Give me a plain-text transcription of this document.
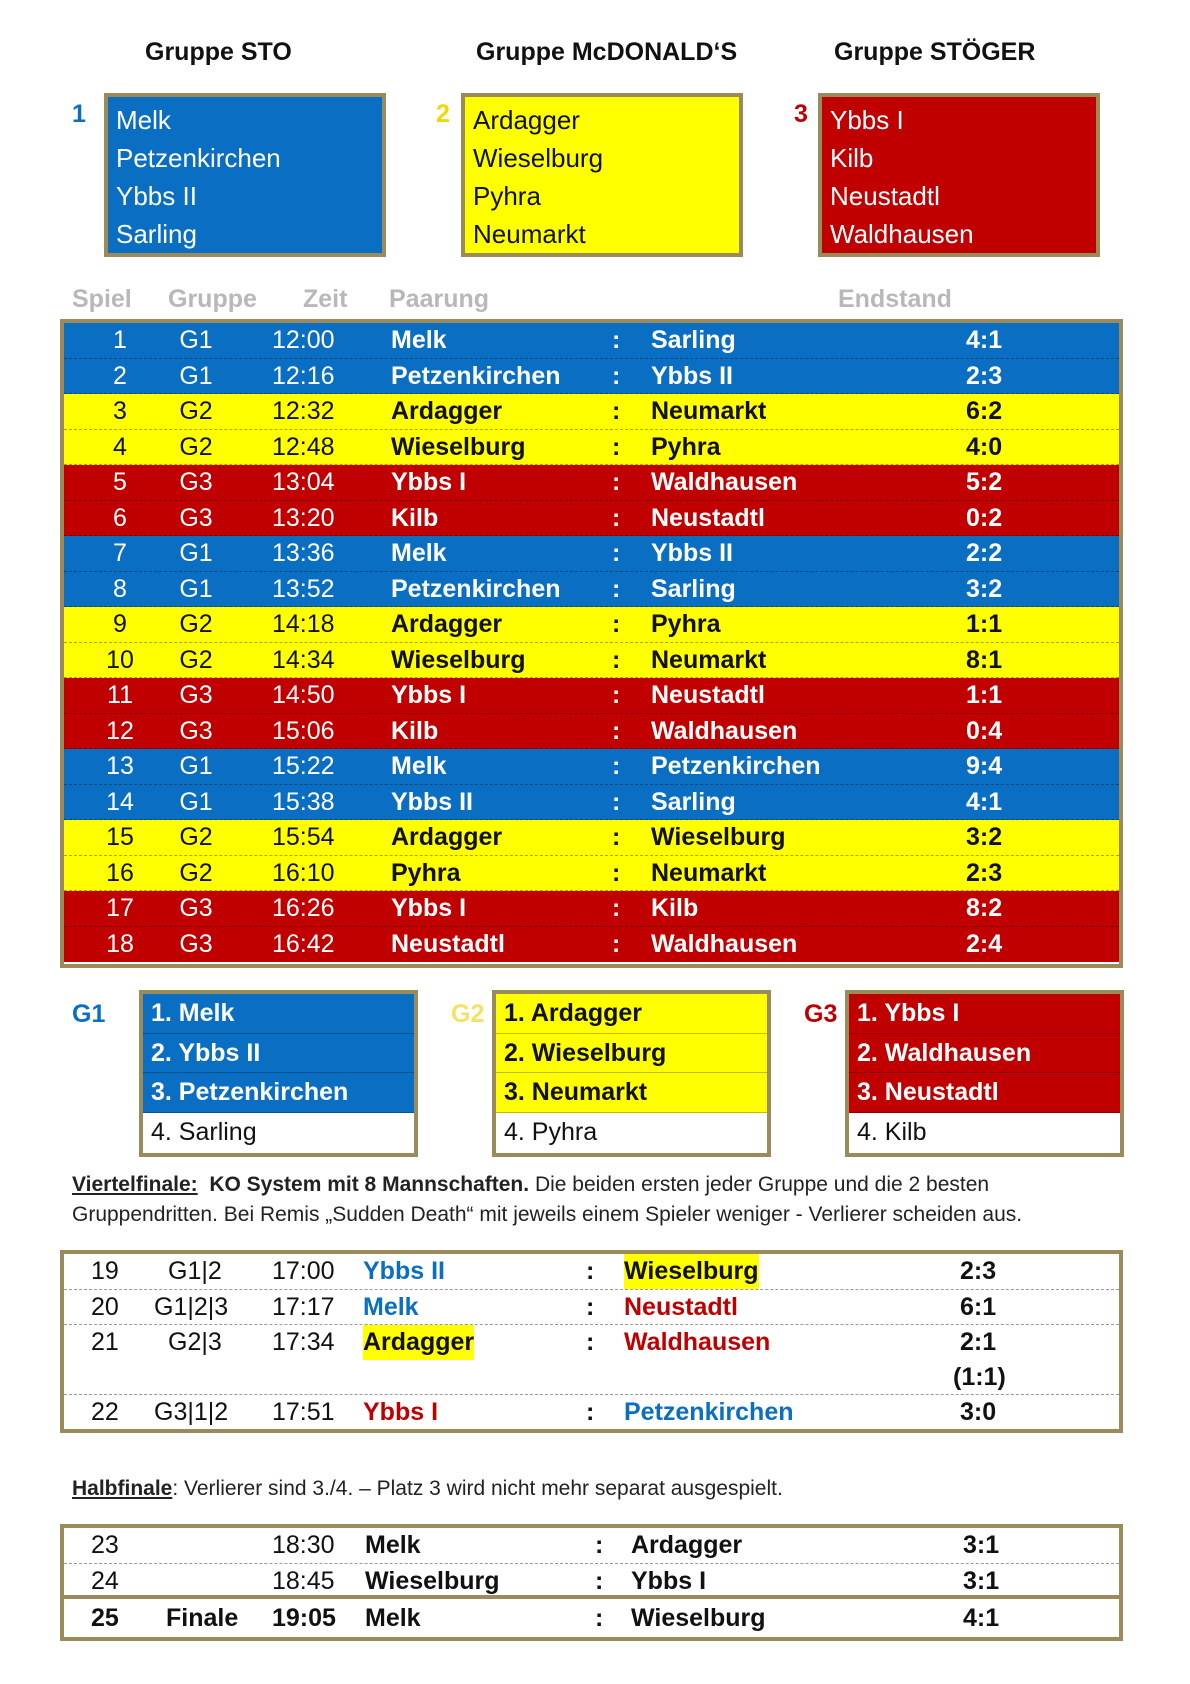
Gruppe STO	Gruppe McDONALD‘S	Gruppe STÖGER
1 Melk
Petzenkirchen
Ybbs II
Sarling
2 Ardagger
Wieselburg
Pyhra
Neumarkt
3 Ybbs I
Kilb
Neustadtl
Waldhausen
Spiel Gruppe Zeit Paarung	Endstand
1	G1	12:00 Melk	: Sarling	4:1
2	G1	12:16 Petzenkirchen : Ybbs II	2:3
3	G2	12:32 Ardagger	: Neumarkt	6:2
4	G2	12:48 Wieselburg	: Pyhra	4:0
5	G3	13:04 Ybbs I	: Waldhausen	5:2
6	G3	13:20 Kilb	: Neustadtl	0:2
7	G1	13:36 Melk	: Ybbs II	2:2
8	G1	13:52 Petzenkirchen : Sarling	3:2
9	G2	14:18 Ardagger	: Pyhra	1:1
10	G2	14:34 Wieselburg	: Neumarkt	8:1
11	G3	14:50 Ybbs I	: Neustadtl	1:1
12	G3	15:06 Kilb	: Waldhausen	0:4
13	G1	15:22 Melk	: Petzenkirchen	9:4
14	G1	15:38 Ybbs II	: Sarling	4:1
15	G2	15:54 Ardagger	: Wieselburg	3:2
16	G2	16:10 Pyhra	: Neumarkt	2:3
17	G3	16:26 Ybbs I	: Kilb	8:2
18	G3	16:42 Neustadtl	: Waldhausen	2:4
G1	1. Melk
2. Ybbs II
3. Petzenkirchen
4. Sarling
G2 1. Ardagger
2. Wieselburg
3. Neumarkt
4. Pyhra
G3 1. Ybbs I
2. Waldhausen
3. Neustadtl
4. Kilb
Viertelfinale: KO System mit 8 Mannschaften. Die beiden ersten jeder Gruppe und die 2 besten
Gruppendritten. Bei Remis „Sudden Death“ mit jeweils einem Spieler weniger - Verlierer scheiden aus.
19 G1|2 17:00 Ybbs II	: Wieselburg	2:3
20 G1|2|3 17:17 Melk	: Neustadtl	6:1
21 G2|3 17:34 Ardagger	: Waldhausen	2:1
(1:1)
22 G3|1|2 17:51 Ybbs I	: Petzenkirchen	3:0
Halbfinale: Verlierer sind 3./4. – Platz 3 wird nicht mehr separat ausgespielt.
23	18:30 Melk	: Ardagger	3:1
24	18:45 Wieselburg	: Ybbs I	3:1
25 Finale 19:05 Melk	: Wieselburg	4:1
